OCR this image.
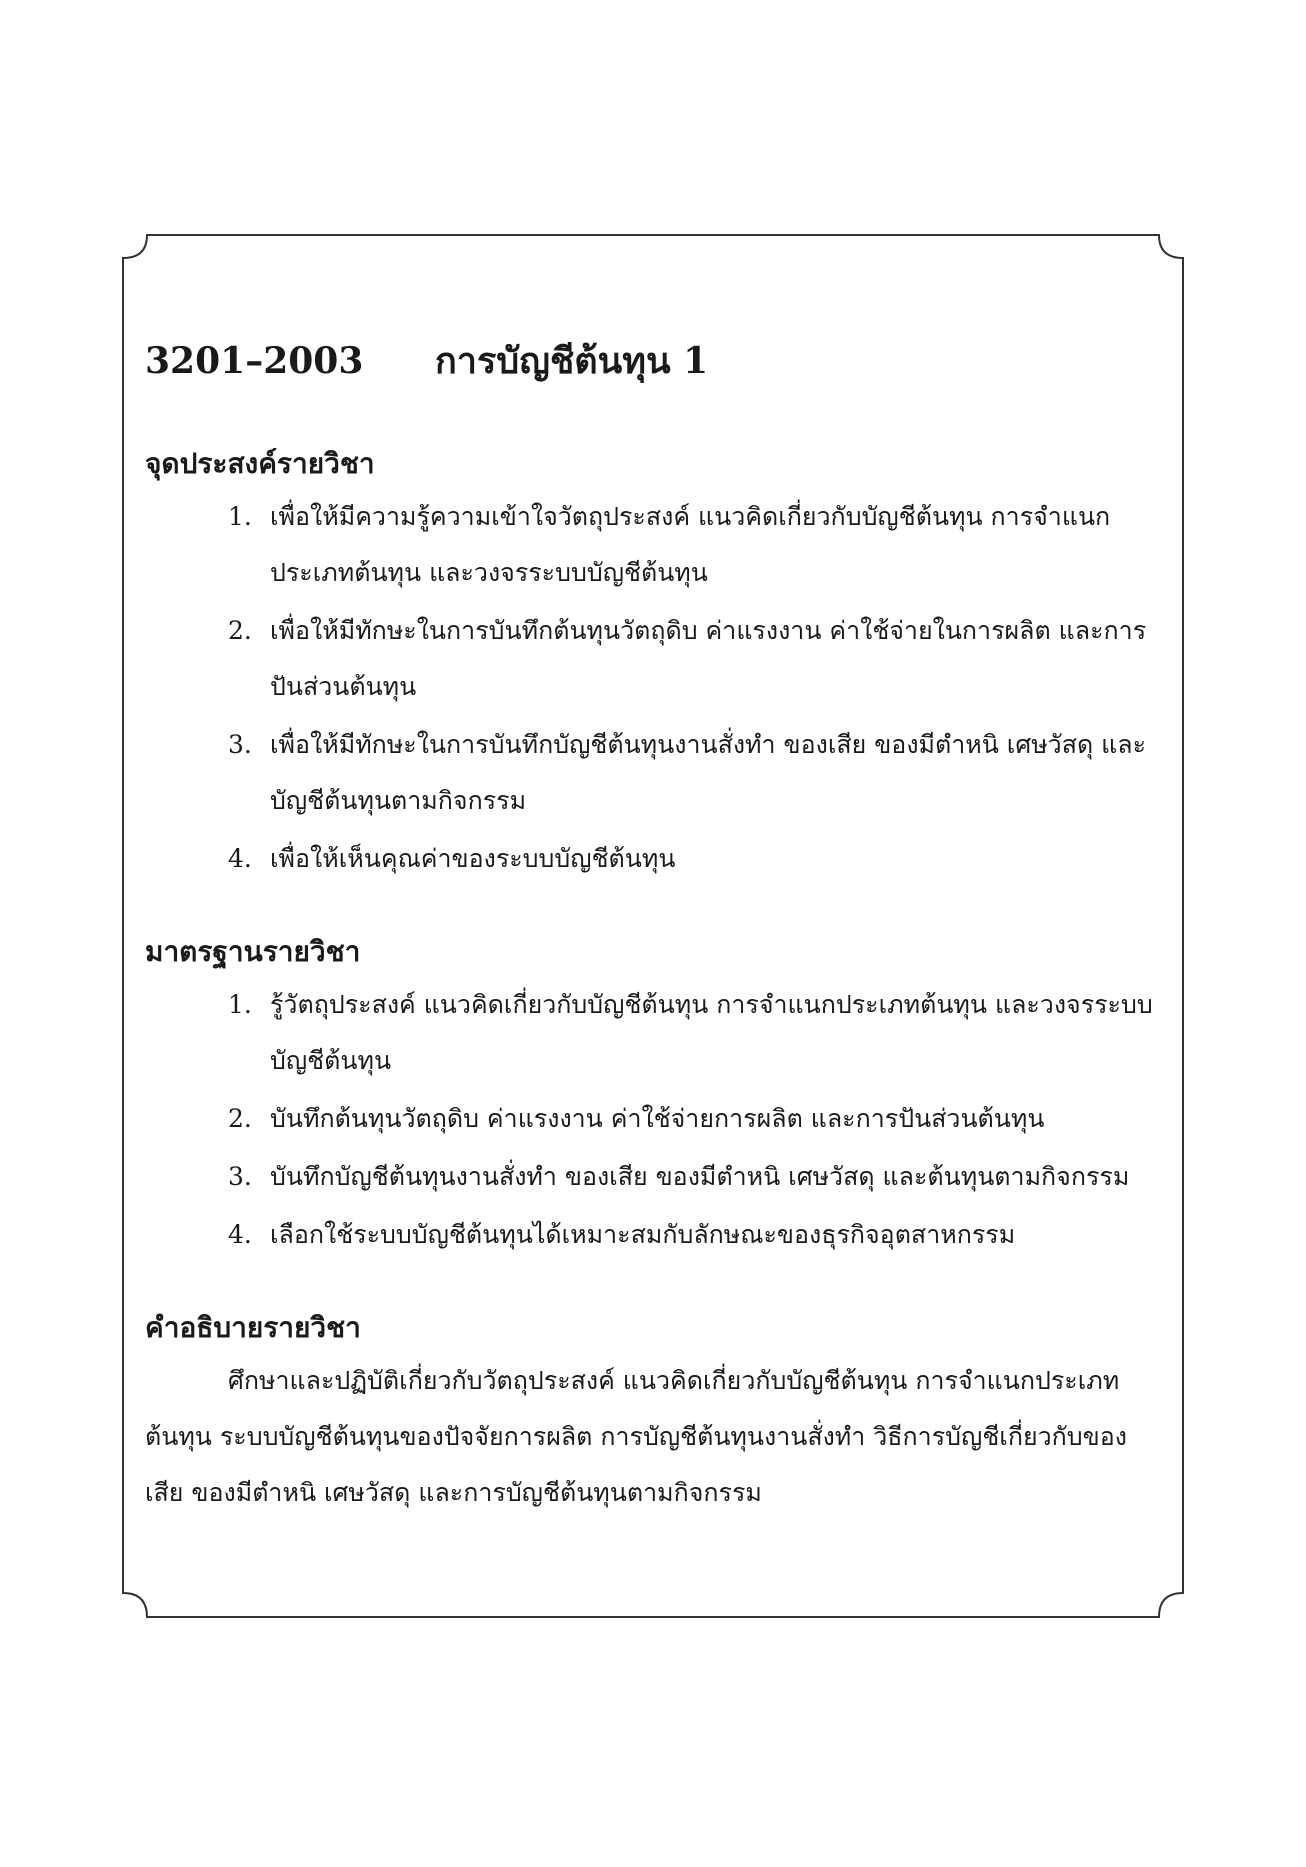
3201–2003	การบัญชีต้นทุน 1
จุดประสงค์รายวิชา
1. เพื่อให้มีความรู้ความเข้าใจวัตถุประสงค์ แนวคิดเกี่ยวกับบัญชีต้นทุน การจำแนกประเภทต้นทุน และวงจรระบบบัญชีต้นทุน
2. เพื่อให้มีทักษะในการบันทึกต้นทุนวัตถุดิบ ค่าแรงงาน ค่าใช้จ่ายในการผลิต และการปันส่วนต้นทุน
3. เพื่อให้มีทักษะในการบันทึกบัญชีต้นทุนงานสั่งทำ ของเสีย ของมีตำหนิ เศษวัสดุ และบัญชีต้นทุนตามกิจกรรม
4. เพื่อให้เห็นคุณค่าของระบบบัญชีต้นทุน
มาตรฐานรายวิชา
1. รู้วัตถุประสงค์ แนวคิดเกี่ยวกับบัญชีต้นทุน การจำแนกประเภทต้นทุน และวงจรระบบบัญชีต้นทุน
2. บันทึกต้นทุนวัตถุดิบ ค่าแรงงาน ค่าใช้จ่ายการผลิต และการปันส่วนต้นทุน
3. บันทึกบัญชีต้นทุนงานสั่งทำ ของเสีย ของมีตำหนิ เศษวัสดุ และต้นทุนตามกิจกรรม
4. เลือกใช้ระบบบัญชีต้นทุนได้เหมาะสมกับลักษณะของธุรกิจอุตสาหกรรม
คำอธิบายรายวิชา

ศึกษาและปฏิบัติเกี่ยวกับวัตถุประสงค์ แนวคิดเกี่ยวกับบัญชีต้นทุน การจำแนกประเภทต้นทุน ระบบบัญชีต้นทุนของปัจจัยการผลิต การบัญชีต้นทุนงานสั่งทำ วิธีการบัญชีเกี่ยวกับของเสีย ของมีตำหนิ เศษวัสดุ และการบัญชีต้นทุนตามกิจกรรม
